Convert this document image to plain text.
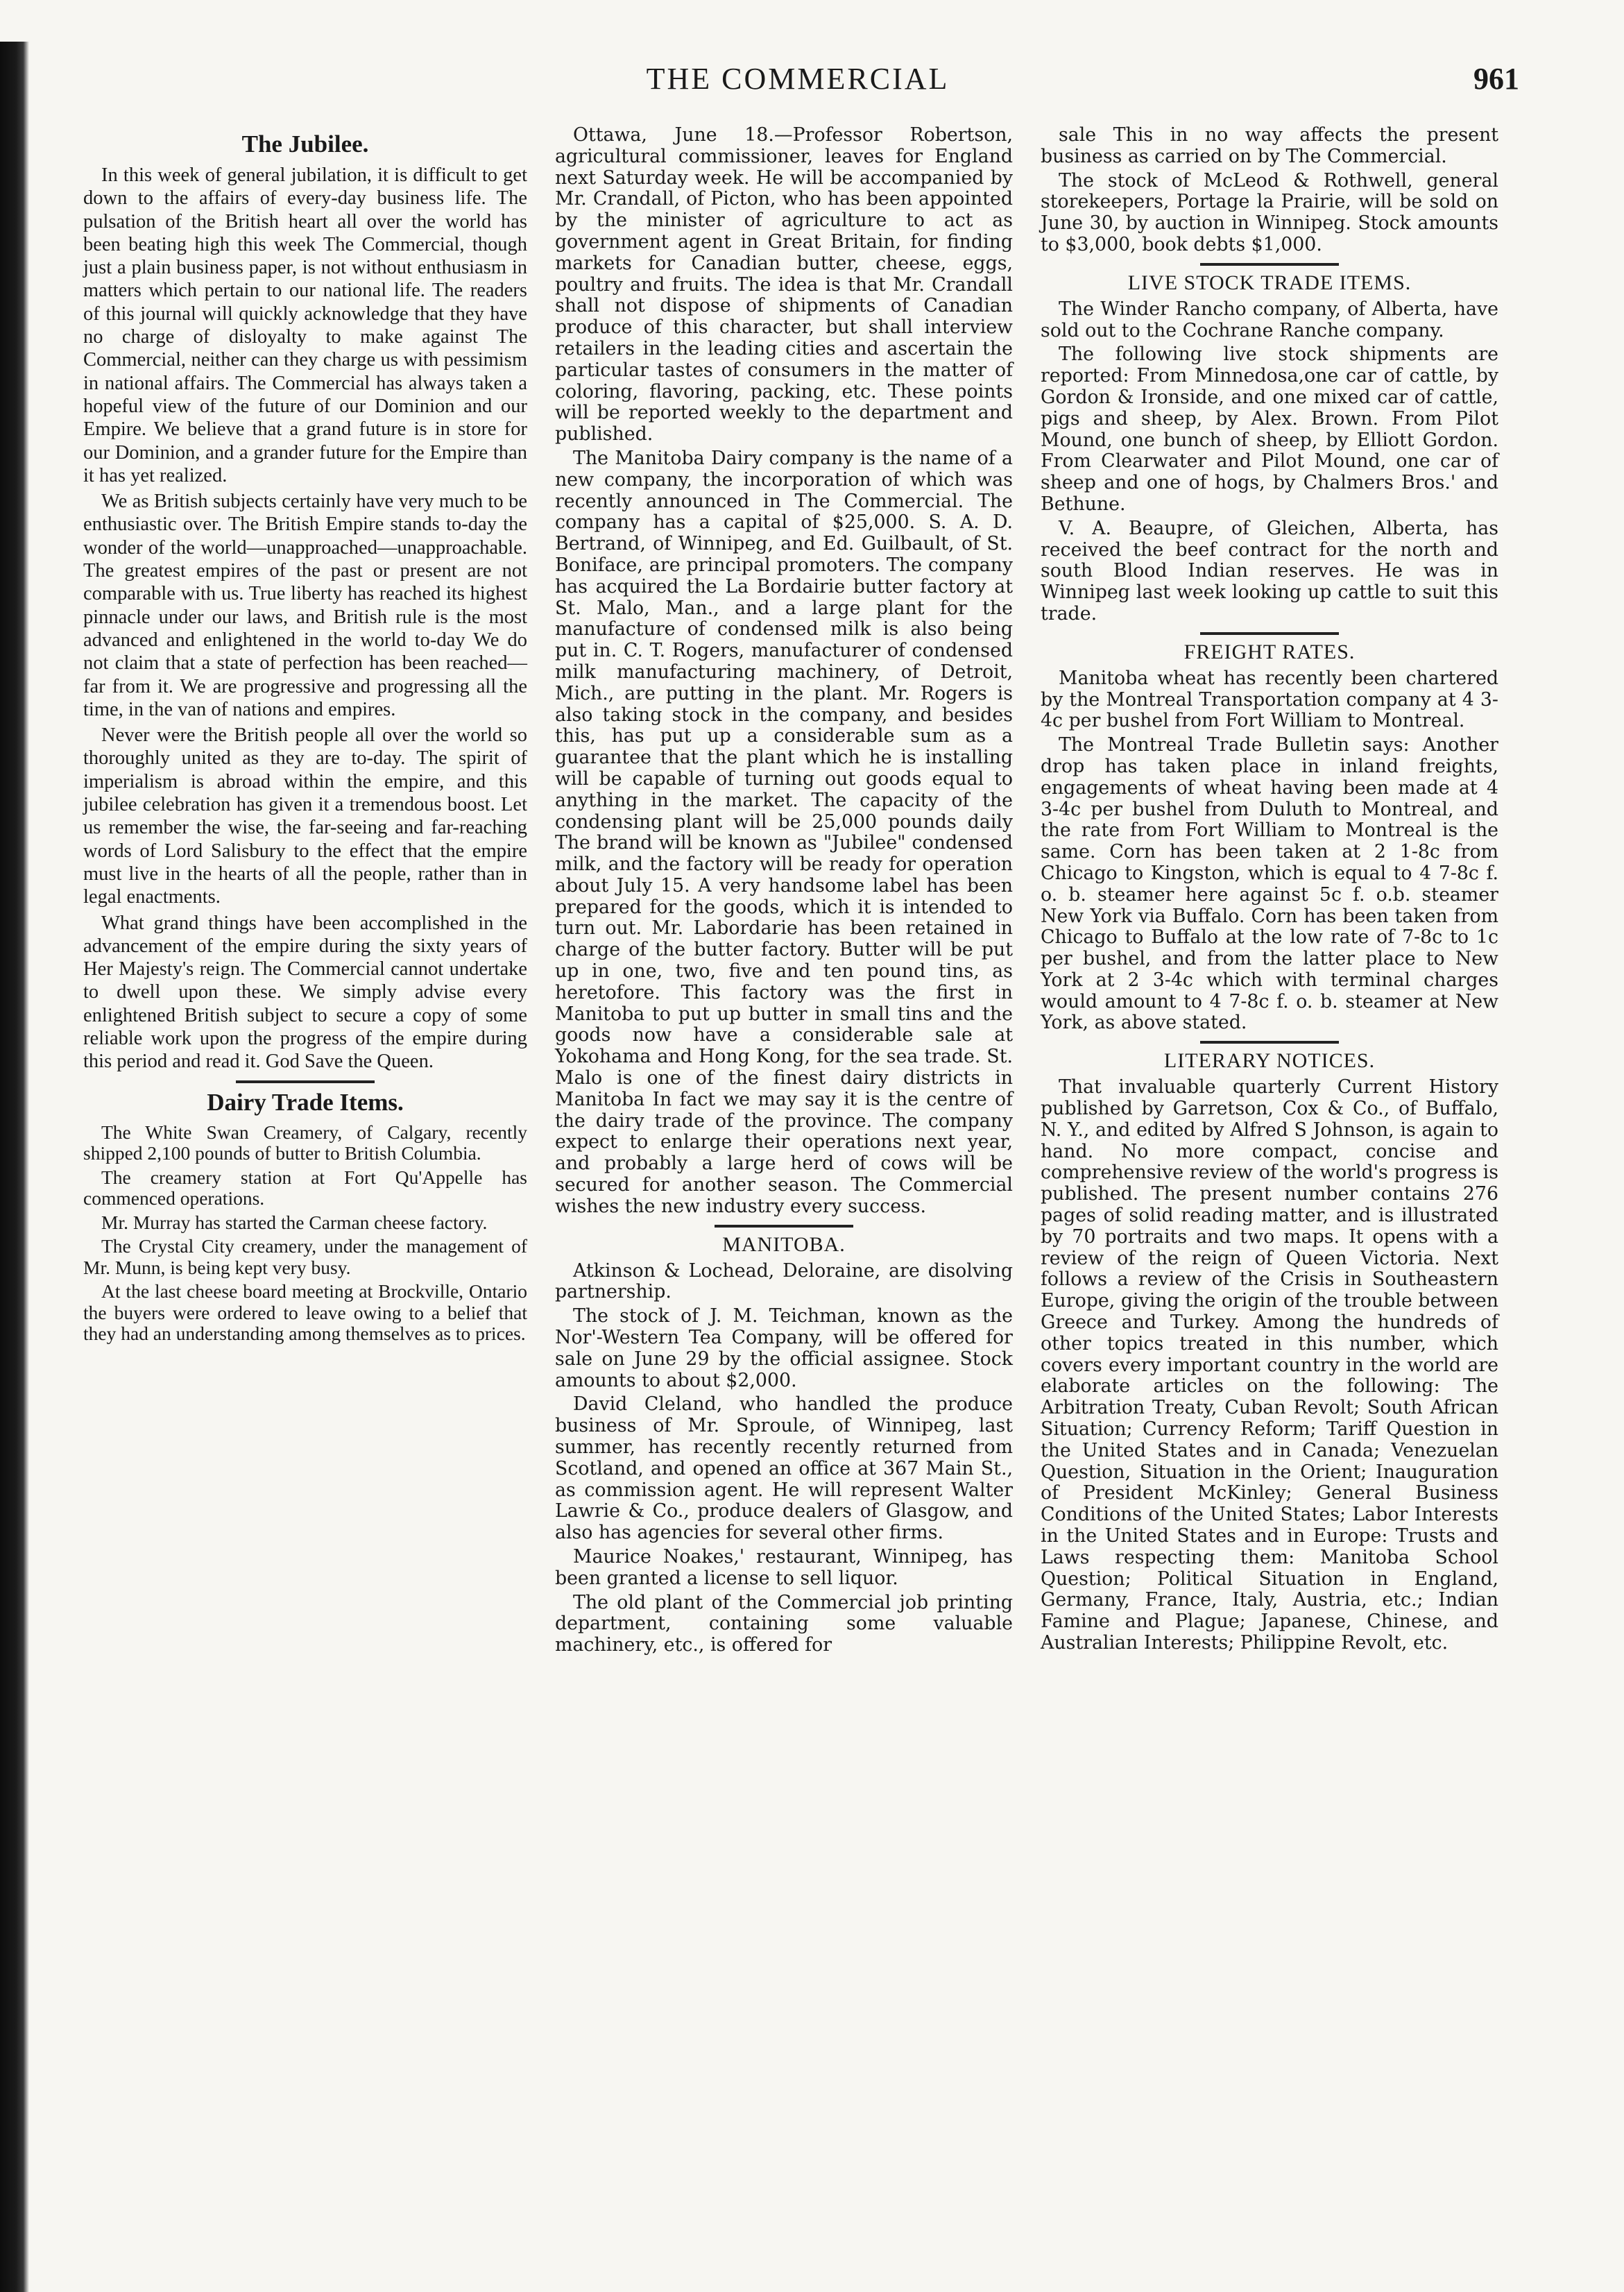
THE COMMERCIAL	961
The Jubilee.

In this week of general jubilation, it is difficult to get down to the affairs of every-day business life. The pulsation of the British heart all over the world has been beating high this week The Commercial, though just a plain business paper, is not without enthusiasm in matters which pertain to our national life. The readers of this journal will quickly acknowledge that they have no charge of disloyalty to make against The Commercial, neither can they charge us with pessimism in national affairs. The Commercial has always taken a hopeful view of the future of our Dominion and our Empire. We believe that a grand future is in store for our Dominion, and a grander future for the Empire than it has yet realized.

We as British subjects certainly have very much to be enthusiastic over. The British Empire stands to-day the wonder of the world—unapproached—unapproachable. The greatest empires of the past or present are not comparable with us. True liberty has reached its highest pinnacle under our laws, and British rule is the most advanced and enlightened in the world to-day We do not claim that a state of perfection has been reached—far from it. We are progressive and progressing all the time, in the van of nations and empires.

Never were the British people all over the world so thoroughly united as they are to-day. The spirit of imperialism is abroad within the empire, and this jubilee celebration has given it a tremendous boost. Let us remember the wise, the far-seeing and far-reaching words of Lord Salisbury to the effect that the empire must live in the hearts of all the people, rather than in legal enactments.

What grand things have been accomplished in the advancement of the empire during the sixty years of Her Majesty's reign. The Commercial cannot undertake to dwell upon these. We simply advise every enlightened British subject to secure a copy of some reliable work upon the progress of the empire during this period and read it. God Save the Queen.

Dairy Trade Items.

The White Swan Creamery, of Calgary, recently shipped 2,100 pounds of butter to British Columbia.

The creamery station at Fort Qu'Appelle has commenced operations.

Mr. Murray has started the Carman cheese factory.

The Crystal City creamery, under the management of Mr. Munn, is being kept very busy.

At the last cheese board meeting at Brockville, Ontario the buyers were ordered to leave owing to a belief that they had an understanding among themselves as to prices.

Ottawa, June 18.—Professor Robertson, agricultural commissioner, leaves for England next Saturday week. He will be accompanied by Mr. Crandall, of Picton, who has been appointed by the minister of agriculture to act as government agent in Great Britain, for finding markets for Canadian butter, cheese, eggs, poultry and fruits. The idea is that Mr. Crandall shall not dispose of shipments of Canadian produce of this character, but shall interview retailers in the leading cities and ascertain the particular tastes of consumers in the matter of coloring, flavoring, packing, etc. These points will be reported weekly to the department and published.

The Manitoba Dairy company is the name of a new company, the incorporation of which was recently announced in The Commercial. The company has a capital of $25,000. S. A. D. Bertrand, of Winnipeg, and Ed. Guilbault, of St. Boniface, are principal promoters. The company has acquired the La Bordairie butter factory at St. Malo, Man., and a large plant for the manufacture of condensed milk is also being put in. C. T. Rogers, manufacturer of condensed milk manufacturing machinery, of Detroit, Mich., are putting in the plant. Mr. Rogers is also taking stock in the company, and besides this, has put up a considerable sum as a guarantee that the plant which he is installing will be capable of turning out goods equal to anything in the market. The capacity of the condensing plant will be 25,000 pounds daily The brand will be known as "Jubilee" condensed milk, and the factory will be ready for operation about July 15. A very handsome label has been prepared for the goods, which it is intended to turn out. Mr. Labordarie has been retained in charge of the butter factory. Butter will be put up in one, two, five and ten pound tins, as heretofore. This factory was the first in Manitoba to put up butter in small tins and the goods now have a considerable sale at Yokohama and Hong Kong, for the sea trade. St. Malo is one of the finest dairy districts in Manitoba In fact we may say it is the centre of the dairy trade of the province. The company expect to enlarge their operations next year, and probably a large herd of cows will be secured for another season. The Commercial wishes the new industry every success.

MANITOBA.

Atkinson & Lochead, Deloraine, are disolving partnership.

The stock of J. M. Teichman, known as the Nor'-Western Tea Company, will be offered for sale on June 29 by the official assignee. Stock amounts to about $2,000.

David Cleland, who handled the produce business of Mr. Sproule, of Winnipeg, last summer, has recently recently returned from Scotland, and opened an office at 367 Main St., as commission agent. He will represent Walter Lawrie & Co., produce dealers of Glasgow, and also has agencies for several other firms.

Maurice Noakes,' restaurant, Winnipeg, has been granted a license to sell liquor.

The old plant of the Commercial job printing department, containing some valuable machinery, etc., is offered for

sale This in no way affects the present business as carried on by The Commercial.

The stock of McLeod & Rothwell, general storekeepers, Portage la Prairie, will be sold on June 30, by auction in Winnipeg. Stock amounts to $3,000, book debts $1,000.

LIVE STOCK TRADE ITEMS.

The Winder Rancho company, of Alberta, have sold out to the Cochrane Ranche company.

The following live stock shipments are reported: From Minnedosa,one car of cattle, by Gordon & Ironside, and one mixed car of cattle, pigs and sheep, by Alex. Brown. From Pilot Mound, one bunch of sheep, by Elliott Gordon. From Clearwater and Pilot Mound, one car of sheep and one of hogs, by Chalmers Bros.' and Bethune.

V. A. Beaupre, of Gleichen, Alberta, has received the beef contract for the north and south Blood Indian reserves. He was in Winnipeg last week looking up cattle to suit this trade.

FREIGHT RATES.

Manitoba wheat has recently been chartered by the Montreal Transportation company at 4 3-4c per bushel from Fort William to Montreal.

The Montreal Trade Bulletin says: Another drop has taken place in inland freights, engagements of wheat having been made at 4 3-4c per bushel from Duluth to Montreal, and the rate from Fort William to Montreal is the same. Corn has been taken at 2 1-8c from Chicago to Kingston, which is equal to 4 7-8c f. o. b. steamer here against 5c f. o.b. steamer New York via Buffalo. Corn has been taken from Chicago to Buffalo at the low rate of 7-8c to 1c per bushel, and from the latter place to New York at 2 3-4c which with terminal charges would amount to 4 7-8c f. o. b. steamer at New York, as above stated.

LITERARY NOTICES.

That invaluable quarterly Current History published by Garretson, Cox & Co., of Buffalo, N. Y., and edited by Alfred S Johnson, is again to hand. No more compact, concise and comprehensive review of the world's progress is published. The present number contains 276 pages of solid reading matter, and is illustrated by 70 portraits and two maps. It opens with a review of the reign of Queen Victoria. Next follows a review of the Crisis in Southeastern Europe, giving the origin of the trouble between Greece and Turkey. Among the hundreds of other topics treated in this number, which covers every important country in the world are elaborate articles on the following: The Arbitration Treaty, Cuban Revolt; South African Situation; Currency Reform; Tariff Question in the United States and in Canada; Venezuelan Question, Situation in the Orient; Inauguration of President McKinley; General Business Conditions of the United States; Labor Interests in the United States and in Europe: Trusts and Laws respecting them: Manitoba School Question; Political Situation in England, Germany, France, Italy, Austria, etc.; Indian Famine and Plague; Japanese, Chinese, and Australian Interests; Philippine Revolt, etc.
